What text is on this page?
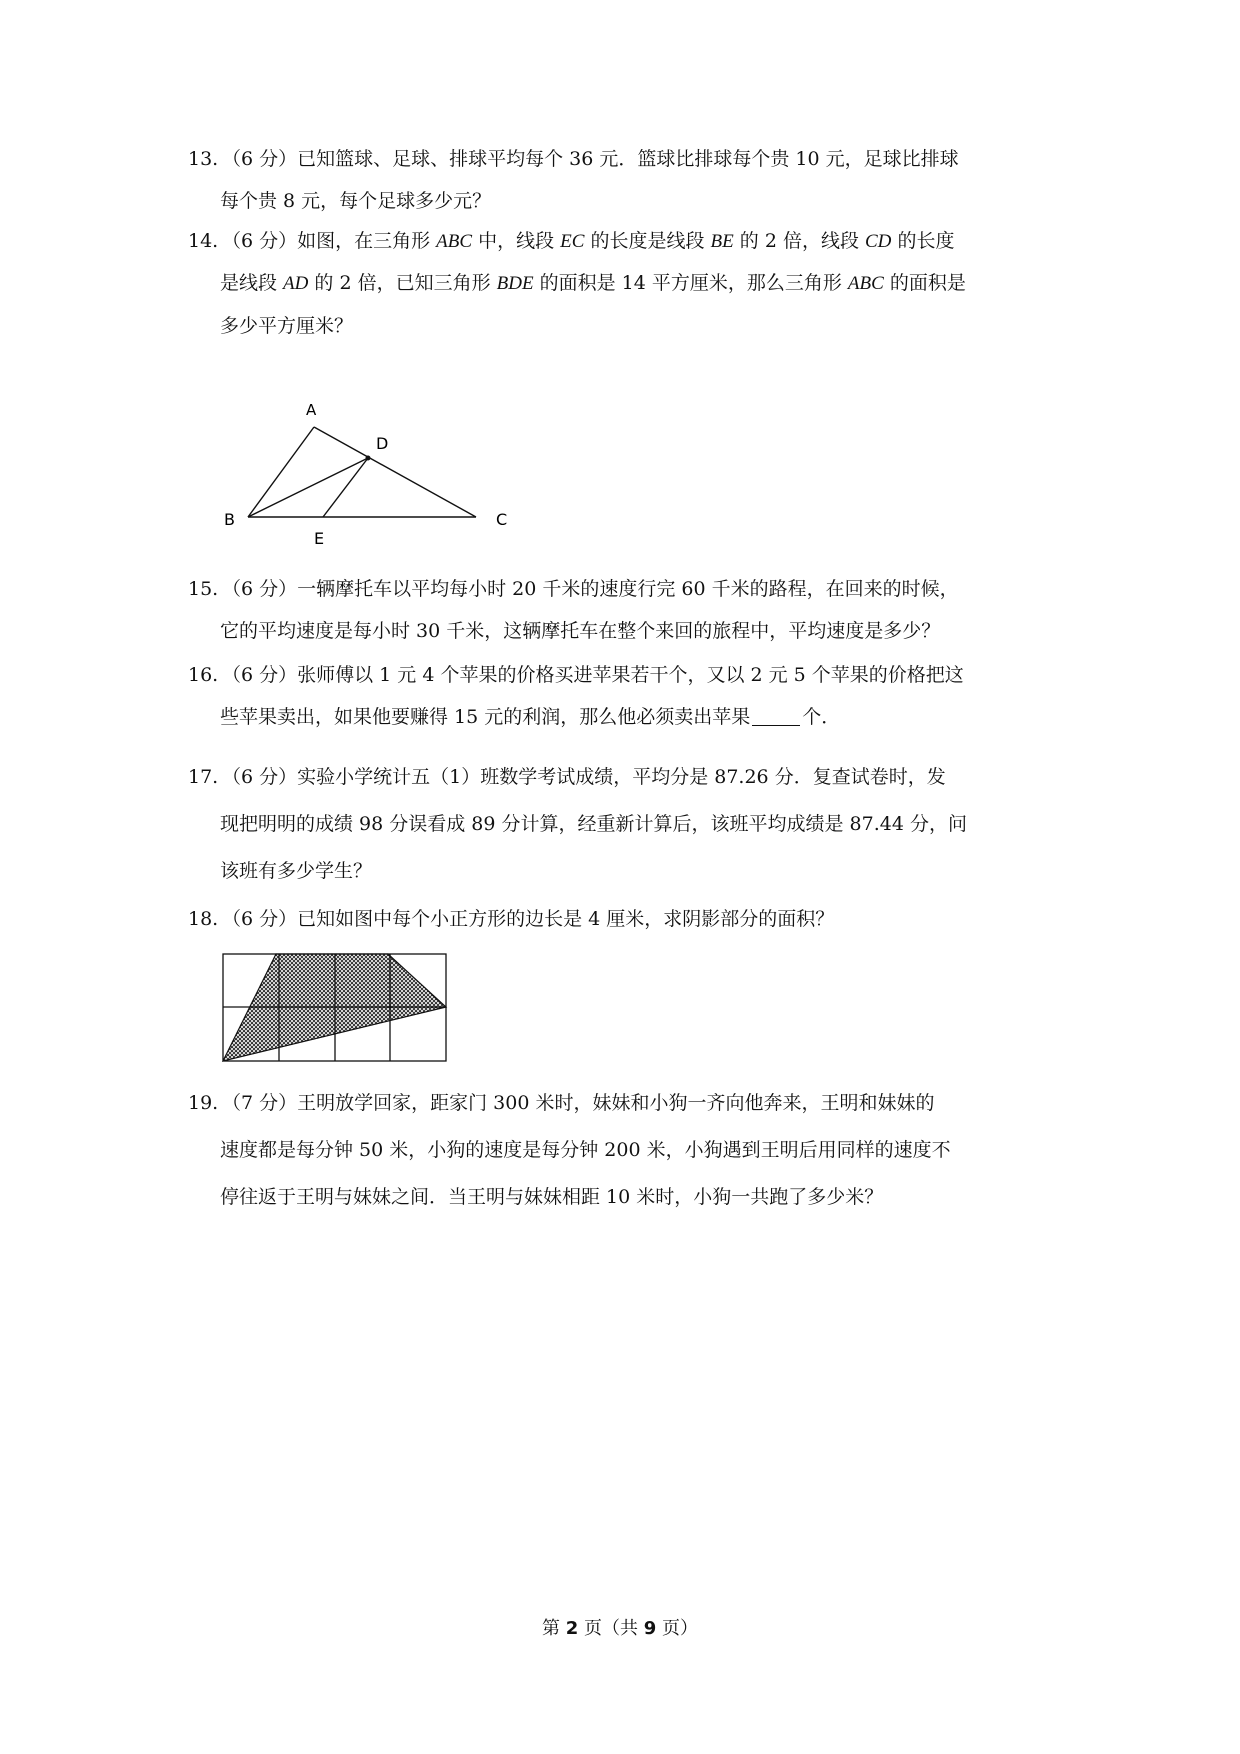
13. （6 分）已知篮球、足球、排球平均每个 36 元．篮球比排球每个贵 10 元，足球比排球
每个贵 8 元，每个足球多少元？
14. （6 分）如图，在三角形 ABC 中，线段 EC 的长度是线段 BE 的 2 倍，线段 CD 的长度
是线段 AD 的 2 倍，已知三角形 BDE 的面积是 14 平方厘米，那么三角形 ABC 的面积是
多少平方厘米？
A
D
B
E
C
15. （6 分）一辆摩托车以平均每小时 20 千米的速度行完 60 千米的路程，在回来的时候，
它的平均速度是每小时 30 千米，这辆摩托车在整个来回的旅程中，平均速度是多少？
16. （6 分）张师傅以 1 元 4 个苹果的价格买进苹果若干个，又以 2 元 5 个苹果的价格把这
些苹果卖出，如果他要赚得 15 元的利润，那么他必须卖出苹果	个．
17. （6 分）实验小学统计五（1）班数学考试成绩，平均分是 87.26 分．复查试卷时，发
现把明明的成绩 98 分误看成 89 分计算，经重新计算后，该班平均成绩是 87.44 分，问
该班有多少学生？
18. （6 分）已知如图中每个小正方形的边长是 4 厘米，求阴影部分的面积？
19. （7 分）王明放学回家，距家门 300 米时，妹妹和小狗一齐向他奔来，王明和妹妹的
速度都是每分钟 50 米，小狗的速度是每分钟 200 米，小狗遇到王明后用同样的速度不
停往返于王明与妹妹之间．当王明与妹妹相距 10 米时，小狗一共跑了多少米？
第 2 页（共 9 页）
